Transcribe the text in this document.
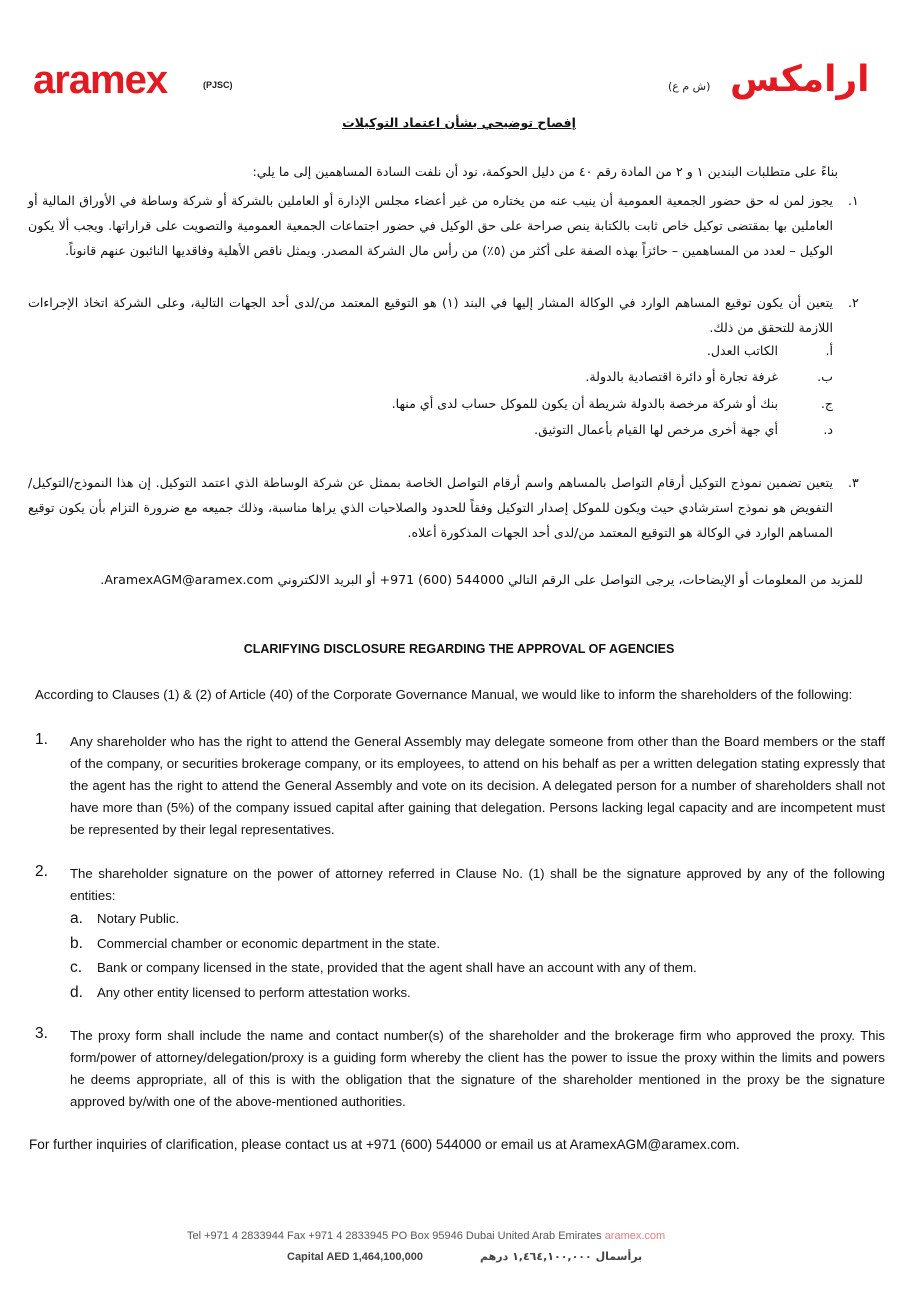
aramex	(PJSC)	(ش م ع) ارامكس
إفصاح توضيحي بشأن اعتماد التوكيلات
بناءً على متطلبات البندين ١ و ٢ من المادة رقم ٤٠ من دليل الحوكمة، نود أن نلفت السادة المساهمين إلى ما يلي:
١.
يجوز لمن له حق حضور الجمعية العمومية أن ينيب عنه من يختاره من غير أعضاء مجلس الإدارة أو العاملين بالشركة أو شركة وساطة في الأوراق المالية أو العاملين بها بمقتضى توكيل خاص ثابت بالكتابة ينص صراحة على حق الوكيل في حضور اجتماعات الجمعية العمومية والتصويت على قراراتها. ويجب ألا يكون الوكيل – لعدد من المساهمين – حائزاً بهذه الصفة على أكثر من (٥٪) من رأس مال الشركة المصدر. ويمثل ناقص الأهلية وفاقديها النائبون عنهم قانوناً.
٢.
يتعين أن يكون توقيع المساهم الوارد في الوكالة المشار إليها في البند (١) هو التوقيع المعتمد من/لدى أحد الجهات التالية، وعلى الشركة اتخاذ الإجراءات اللازمة للتحقق من ذلك.
أ.الكاتب العدل.
ب.غرفة تجارة أو دائرة اقتصادية بالدولة.
ج.بنك أو شركة مرخصة بالدولة شريطة أن يكون للموكل حساب لدى أي منها.
د.أي جهة أخرى مرخص لها القيام بأعمال التوثيق.
٣.
يتعين تضمين نموذج التوكيل أرقام التواصل بالمساهم واسم أرقام التواصل الخاصة بممثل عن شركة الوساطة الذي اعتمد التوكيل. إن هذا النموذج/التوكيل/التفويض هو نموذج استرشادي حيث ويكون للموكل إصدار التوكيل وفقاً للحدود والصلاحيات الذي يراها مناسبة، وذلك جميعه مع ضرورة التزام بأن يكون توقيع المساهم الوارد في الوكالة هو التوقيع المعتمد من/لدى أحد الجهات المذكورة أعلاه.
للمزيد من المعلومات أو الإيضاحات، يرجى التواصل على الرقم التالي 544000 (600) 971+ أو البريد الالكتروني AramexAGM@aramex.com.
CLARIFYING DISCLOSURE REGARDING THE APPROVAL OF AGENCIES
According to Clauses (1) & (2) of Article (40) of the Corporate Governance Manual, we would like to inform the shareholders of the following:
1. Any shareholder who has the right to attend the General Assembly may delegate someone from other than the Board members or the staff of the company, or securities brokerage company, or its employees, to attend on his behalf as per a written delegation stating expressly that the agent has the right to attend the General Assembly and vote on its decision. A delegated person for a number of shareholders shall not have more than (5%) of the company issued capital after gaining that delegation. Persons lacking legal capacity and are incompetent must be represented by their legal representatives.
2. The shareholder signature on the power of attorney referred in Clause No. (1) shall be the signature approved by any of the following entities:
a. Notary Public.
b. Commercial chamber or economic department in the state.
c. Bank or company licensed in the state, provided that the agent shall have an account with any of them.
d. Any other entity licensed to perform attestation works.
3. The proxy form shall include the name and contact number(s) of the shareholder and the brokerage firm who approved the proxy. This form/power of attorney/delegation/proxy is a guiding form whereby the client has the power to issue the proxy within the limits and powers he deems appropriate, all of this is with the obligation that the signature of the shareholder mentioned in the proxy be the signature approved by/with one of the above-mentioned authorities.
For further inquiries of clarification, please contact us at +971 (600) 544000 or email us at AramexAGM@aramex.com.
Tel +971 4 2833944 Fax +971 4 2833945 PO Box 95946 Dubai United Arab Emirates aramex.com
Capital AED 1,464,100,000	برأسمال ١,٤٦٤,١٠٠,٠٠٠ درهم
